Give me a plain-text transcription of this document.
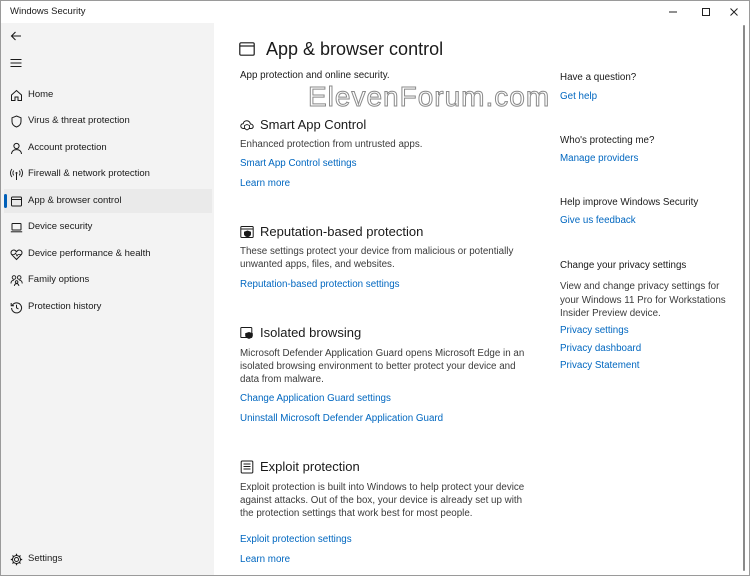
Windows Security
Home
Virus & threat protection
Account protection
Firewall & network protection
App & browser control
Device security
Device performance & health
Family options
Protection history
Settings
App & browser control
App protection and online security.
ElevenForum.com
Smart App Control
Enhanced protection from untrusted apps.
Smart App Control settings
Learn more
Reputation-based protection
These settings protect your device from malicious or potentially unwanted apps, files, and websites.
Reputation-based protection settings
Isolated browsing
Microsoft Defender Application Guard opens Microsoft Edge in an isolated browsing environment to better protect your device and data from malware.
Change Application Guard settings
Uninstall Microsoft Defender Application Guard
Exploit protection
Exploit protection is built into Windows to help protect your device against attacks. Out of the box, your device is already set up with the protection settings that work best for most people.
Exploit protection settings
Learn more
Have a question?
Get help
Who's protecting me?
Manage providers
Help improve Windows Security
Give us feedback
Change your privacy settings
View and change privacy settings for your Windows 11 Pro for Workstations Insider Preview device.
Privacy settings
Privacy dashboard
Privacy Statement
